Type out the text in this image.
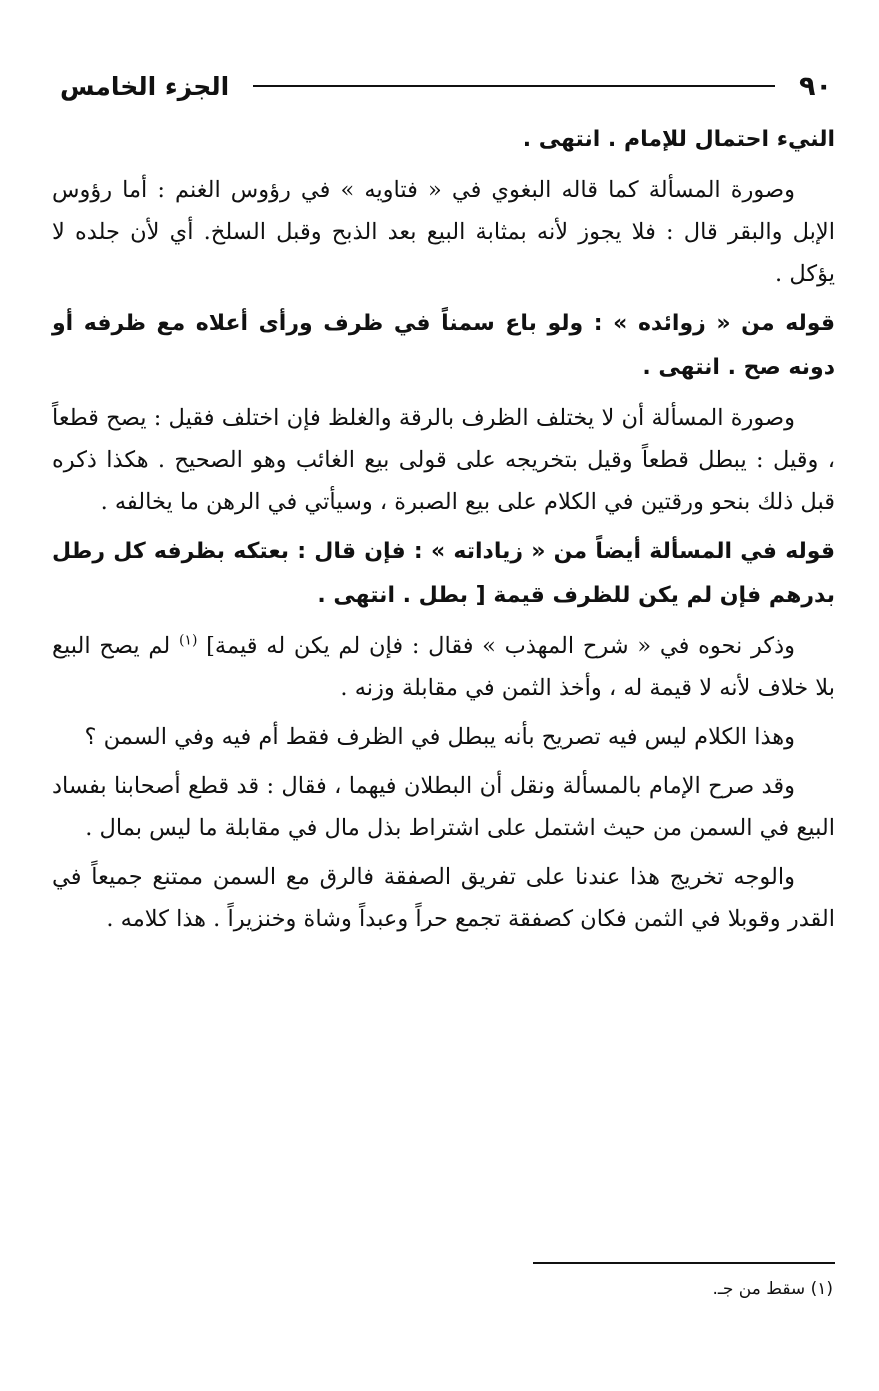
٩٠
الجزء الخامس

النيء احتمال للإمام . انتهى .

وصورة المسألة كما قاله البغوي في « فتاويه » في رؤوس الغنم : أما رؤوس الإبل والبقر قال : فلا يجوز لأنه بمثابة البيع بعد الذبح وقبل السلخ. أي لأن جلده لا يؤكل .

قوله من « زوائده » : ولو باع سمناً في ظرف ورأى أعلاه مع ظرفه أو دونه صح . انتهى .

وصورة المسألة أن لا يختلف الظرف بالرقة والغلظ فإن اختلف فقيل : يصح قطعاً ، وقيل : يبطل قطعاً وقيل بتخريجه على قولى بيع الغائب وهو الصحيح . هكذا ذكره قبل ذلك بنحو ورقتين في الكلام على بيع الصبرة ، وسيأتي في الرهن ما يخالفه .

قوله في المسألة أيضاً من « زياداته » : فإن قال : بعتكه بظرفه كل رطل بدرهم فإن لم يكن للظرف قيمة [ بطل . انتهى .

وذكر نحوه في « شرح المهذب » فقال : فإن لم يكن له قيمة] $^{(١)}$ لم يصح البيع بلا خلاف لأنه لا قيمة له ، وأخذ الثمن في مقابلة وزنه .

وهذا الكلام ليس فيه تصريح بأنه يبطل في الظرف فقط أم فيه وفي السمن ؟

وقد صرح الإمام بالمسألة ونقل أن البطلان فيهما ، فقال : قد قطع أصحابنا بفساد البيع في السمن من حيث اشتمل على اشتراط بذل مال في مقابلة ما ليس بمال .

والوجه تخريج هذا عندنا على تفريق الصفقة فالرق مع السمن ممتنع جميعاً في القدر وقوبلا في الثمن فكان كصفقة تجمع حراً وعبداً وشاة وخنزيراً . هذا كلامه .

(١) سقط من جـ.
